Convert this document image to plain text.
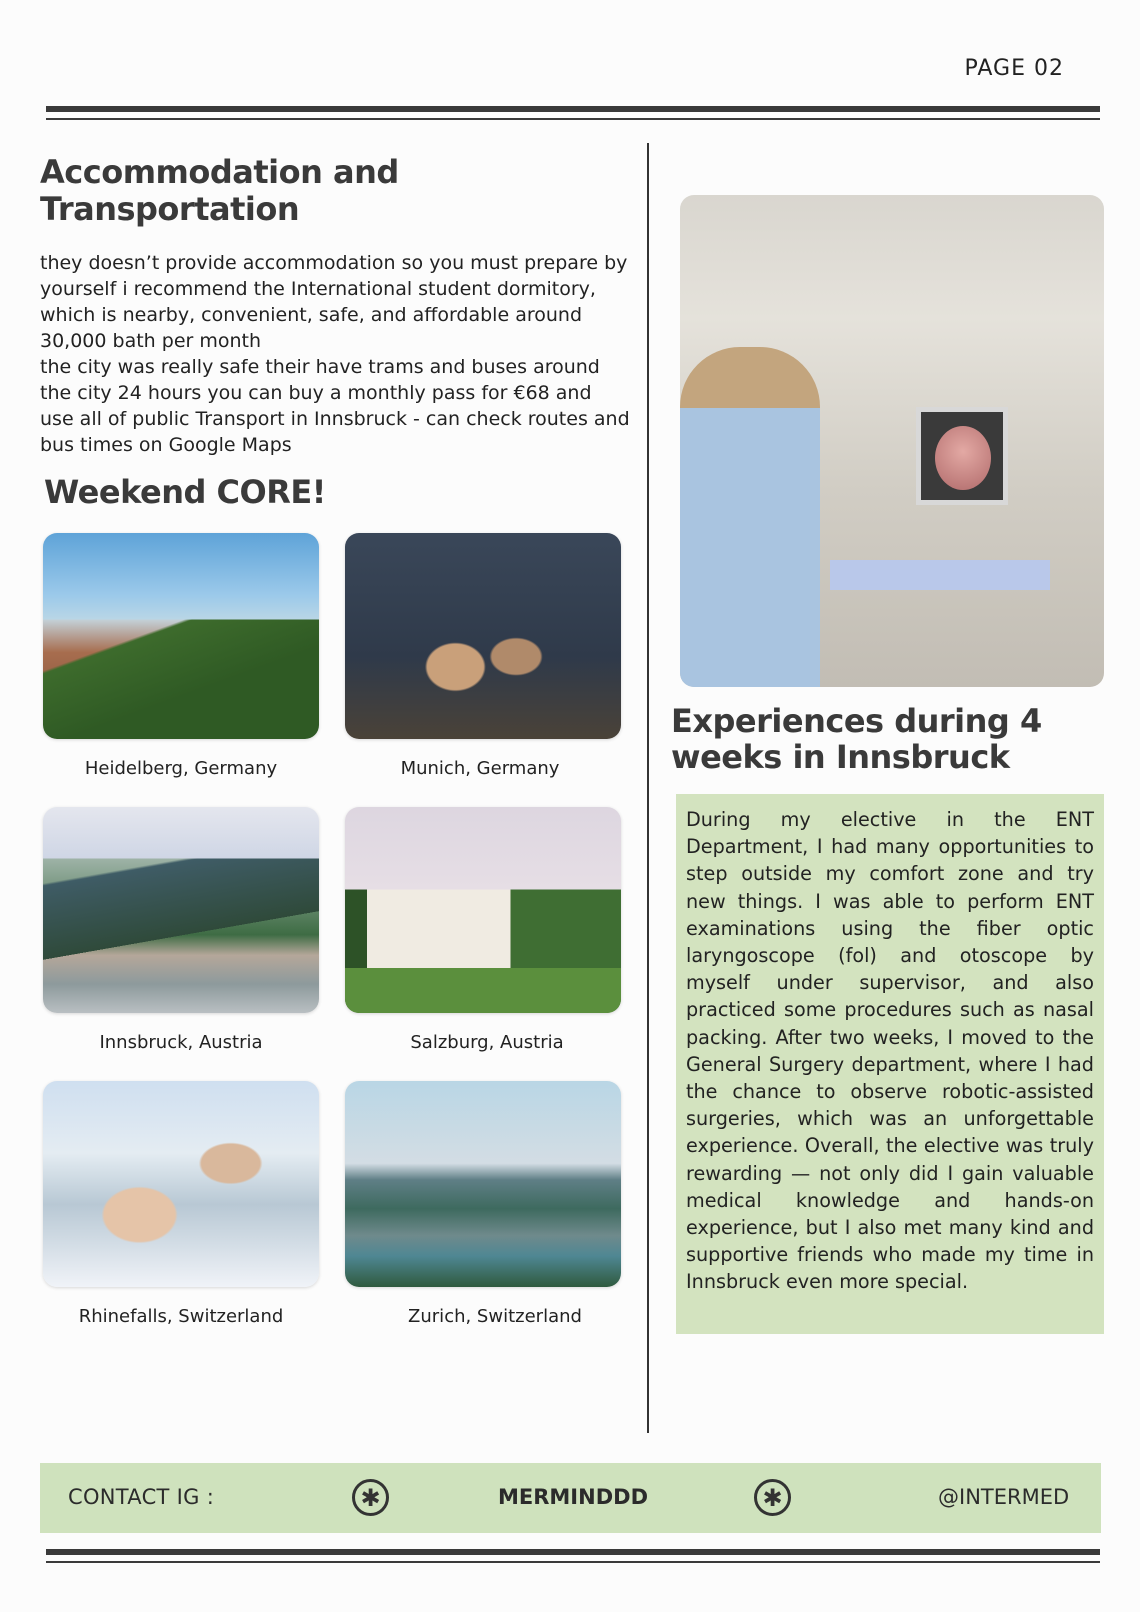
PAGE 02
Accommodation and Transportation

they doesn’t provide accommodation so you must prepare by yourself i recommend the International student dormitory, which is nearby, convenient, safe, and affordable around 30,000 bath per month

the city was really safe their have trams and buses around the city 24 hours you can buy a monthly pass for €68 and use all of public Transport in Innsbruck - can check routes and bus times on Google Maps

Weekend CORE!
Heidelberg, Germany	Munich, Germany
Innsbruck, Austria	Salzburg, Austria
Rhinefalls, Switzerland	Zurich, Switzerland
Experiences during 4 weeks in Innsbruck

During my elective in the ENT Department, I had many opportunities to step outside my comfort zone and try new things. I was able to perform ENT examinations using the fiber optic laryngoscope (fol) and otoscope by myself under supervisor, and also practiced some procedures such as nasal packing. After two weeks, I moved to the General Surgery department, where I had the chance to observe robotic-assisted surgeries, which was an unforgettable experience. Overall, the elective was truly rewarding — not only did I gain valuable medical knowledge and hands-on experience, but I also met many kind and supportive friends who made my time in Innsbruck even more special.

CONTACT IG :	✱	MERMINDDD	✱	@INTERMED
